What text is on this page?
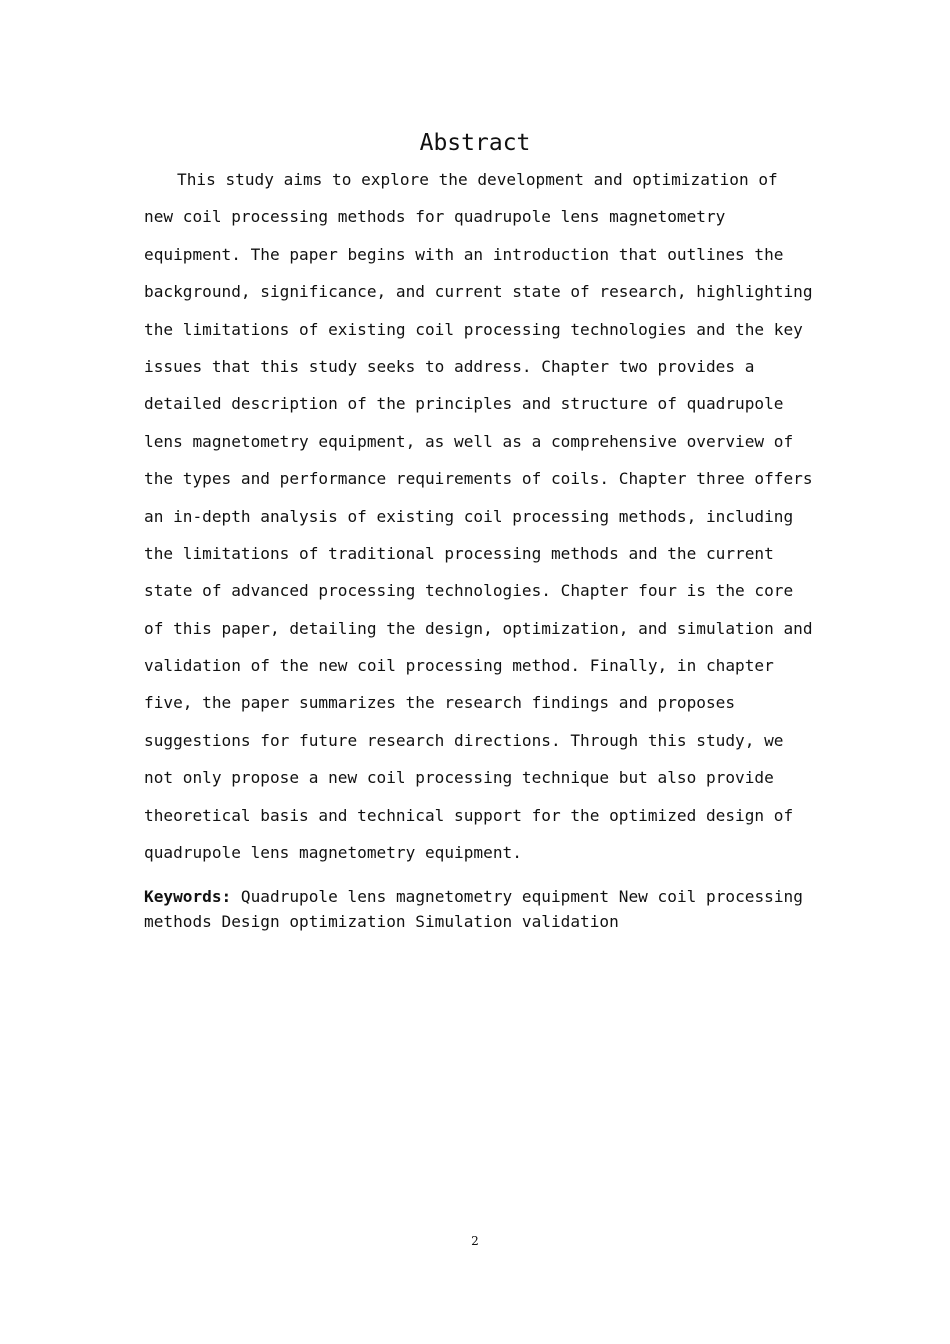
Abstract
This study aims to explore the development and optimization of
new coil processing methods for quadrupole lens magnetometry
equipment. The paper begins with an introduction that outlines the
background, significance, and current state of research, highlighting
the limitations of existing coil processing technologies and the key
issues that this study seeks to address. Chapter two provides a
detailed description of the principles and structure of quadrupole
lens magnetometry equipment, as well as a comprehensive overview of
the types and performance requirements of coils. Chapter three offers
an in-depth analysis of existing coil processing methods, including
the limitations of traditional processing methods and the current
state of advanced processing technologies. Chapter four is the core
of this paper, detailing the design, optimization, and simulation and
validation of the new coil processing method. Finally, in chapter
five, the paper summarizes the research findings and proposes
suggestions for future research directions. Through this study, we
not only propose a new coil processing technique but also provide
theoretical basis and technical support for the optimized design of
quadrupole lens magnetometry equipment.
Keywords: Quadrupole lens magnetometry equipment New coil processing
methods Design optimization Simulation validation
2
